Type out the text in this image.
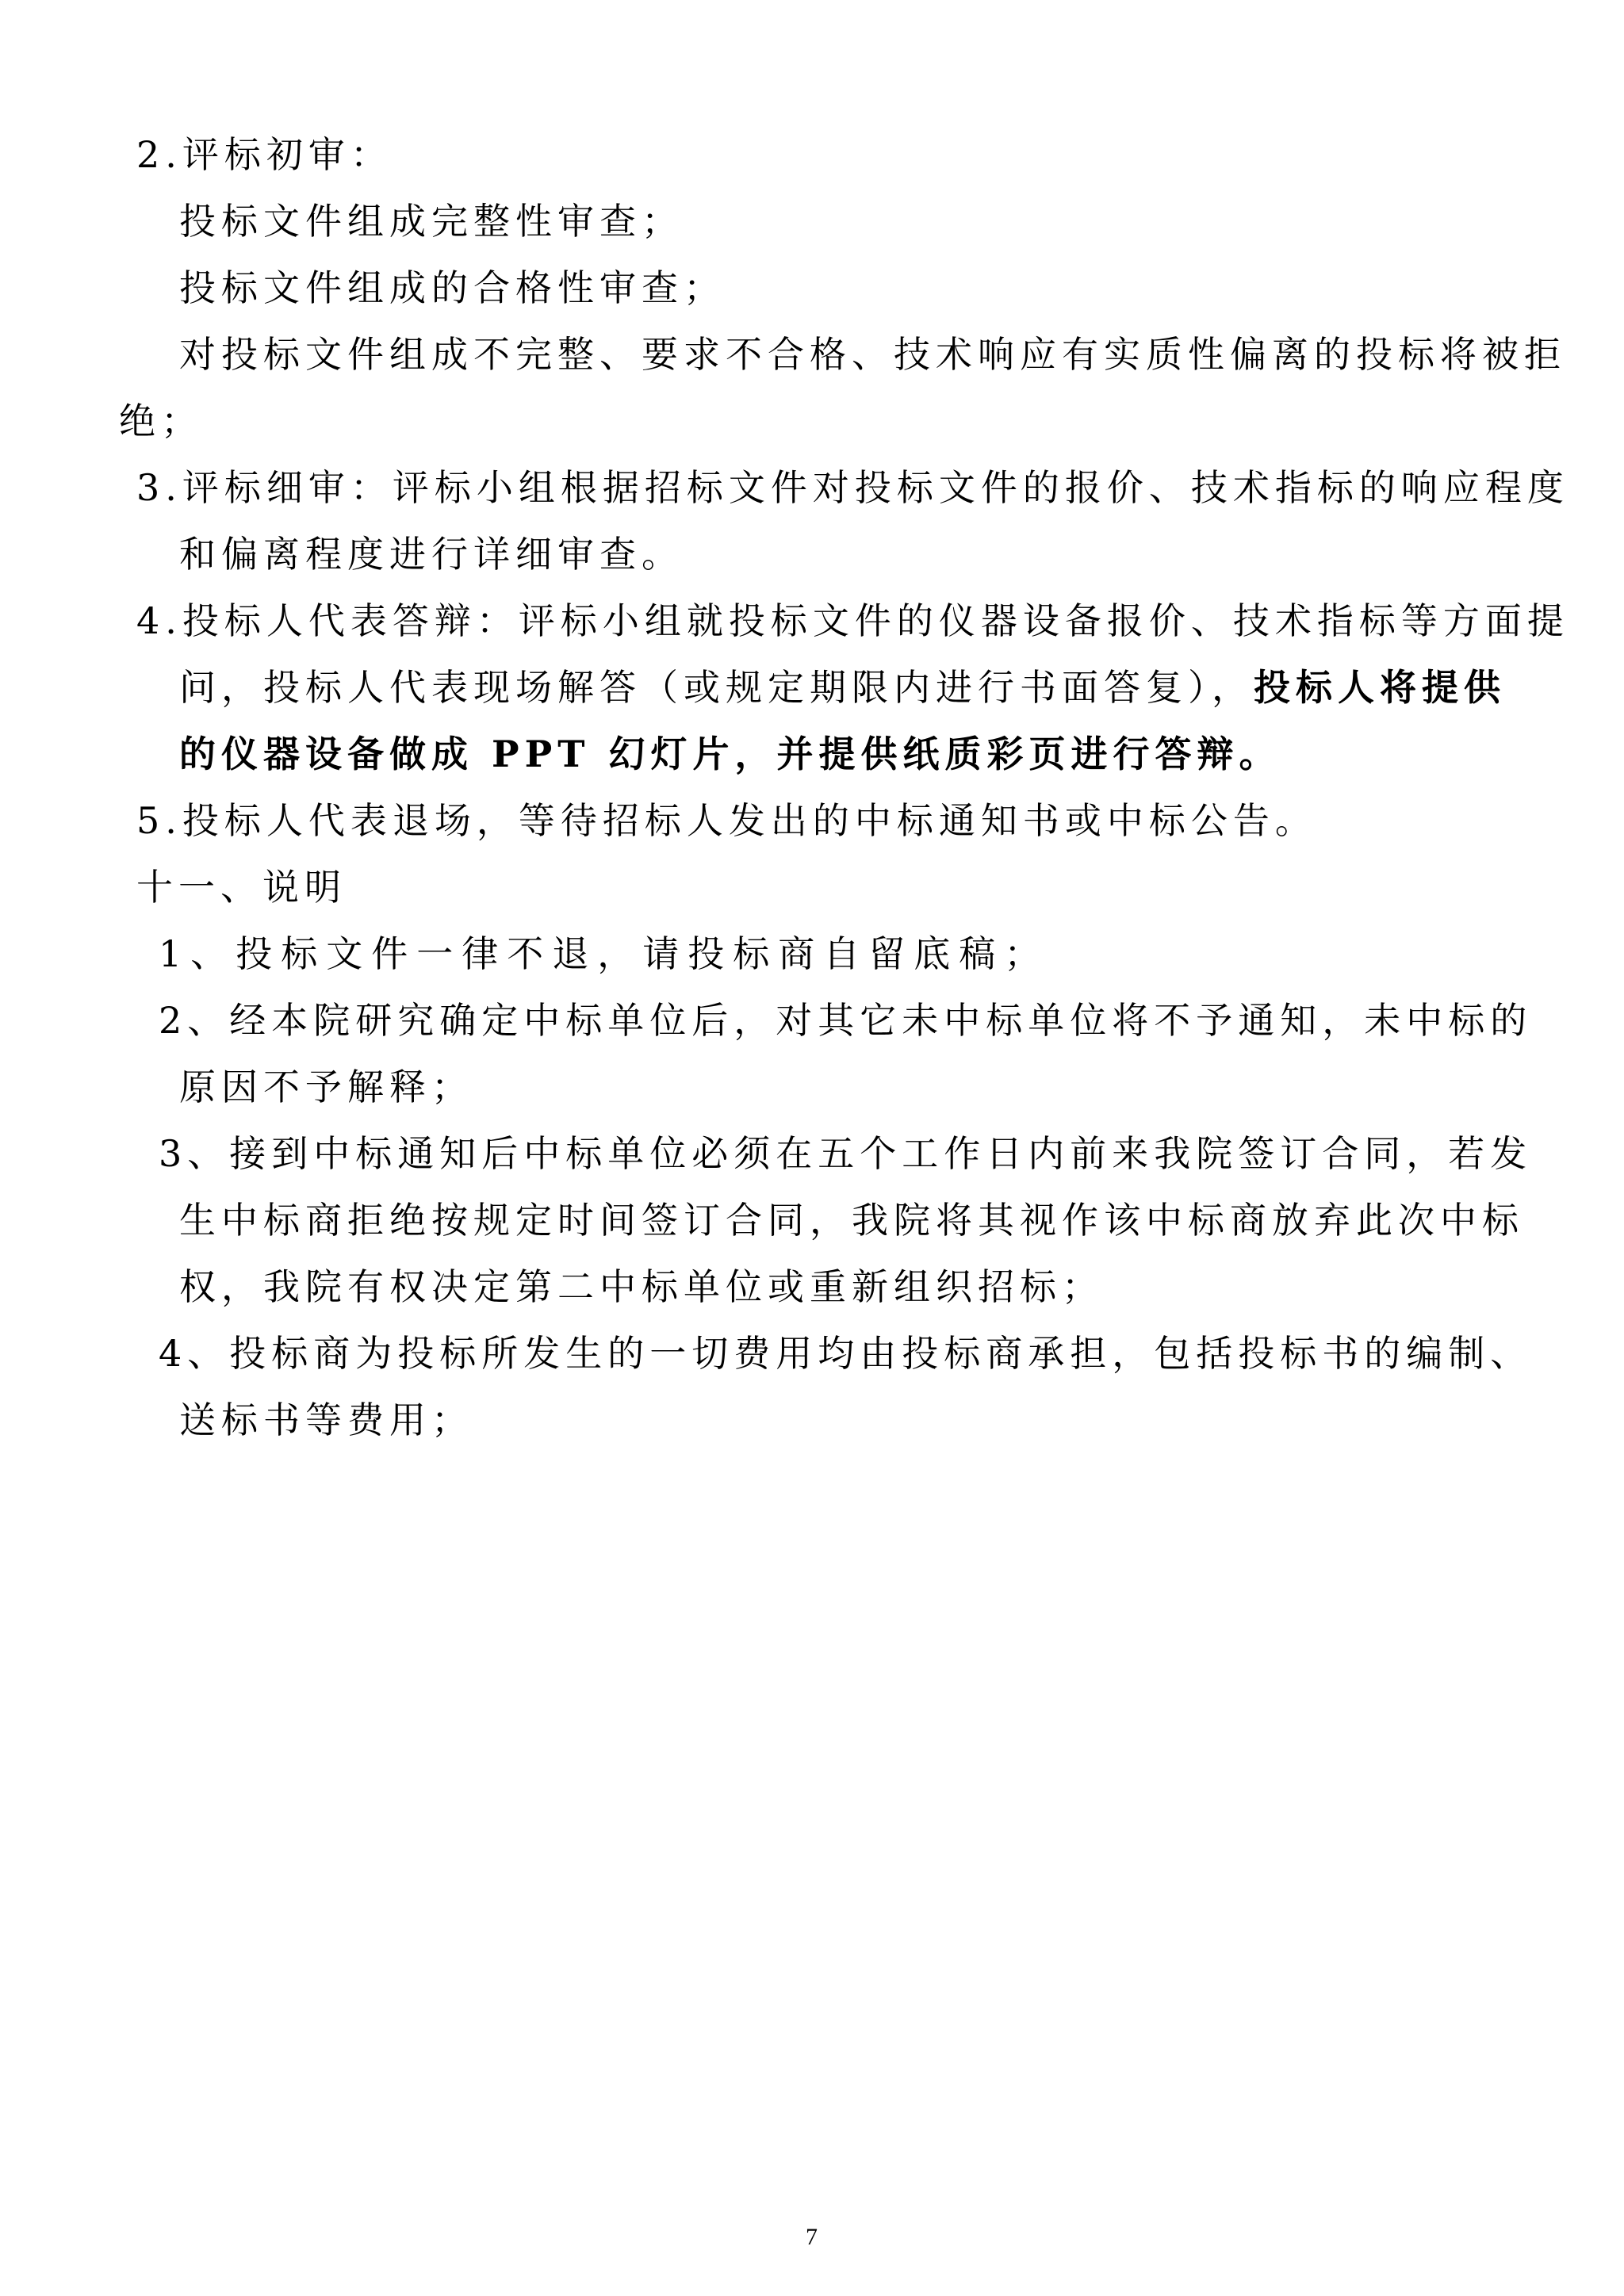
2.评标初审：
投标文件组成完整性审查；
投标文件组成的合格性审查；
对投标文件组成不完整、要求不合格、技术响应有实质性偏离的投标将被拒
绝；
3.评标细审：评标小组根据招标文件对投标文件的报价、技术指标的响应程度
和偏离程度进行详细审查。
4.投标人代表答辩：评标小组就投标文件的仪器设备报价、技术指标等方面提
问，投标人代表现场解答（或规定期限内进行书面答复），投标人将提供
的仪器设备做成 PPT 幻灯片，并提供纸质彩页进行答辩。
5.投标人代表退场，等待招标人发出的中标通知书或中标公告。
十一、说明
1、投标文件一律不退，请投标商自留底稿；
2、经本院研究确定中标单位后，对其它未中标单位将不予通知，未中标的
原因不予解释；
3、接到中标通知后中标单位必须在五个工作日内前来我院签订合同，若发
生中标商拒绝按规定时间签订合同，我院将其视作该中标商放弃此次中标
权，我院有权决定第二中标单位或重新组织招标；
4、投标商为投标所发生的一切费用均由投标商承担，包括投标书的编制、
送标书等费用；
7
